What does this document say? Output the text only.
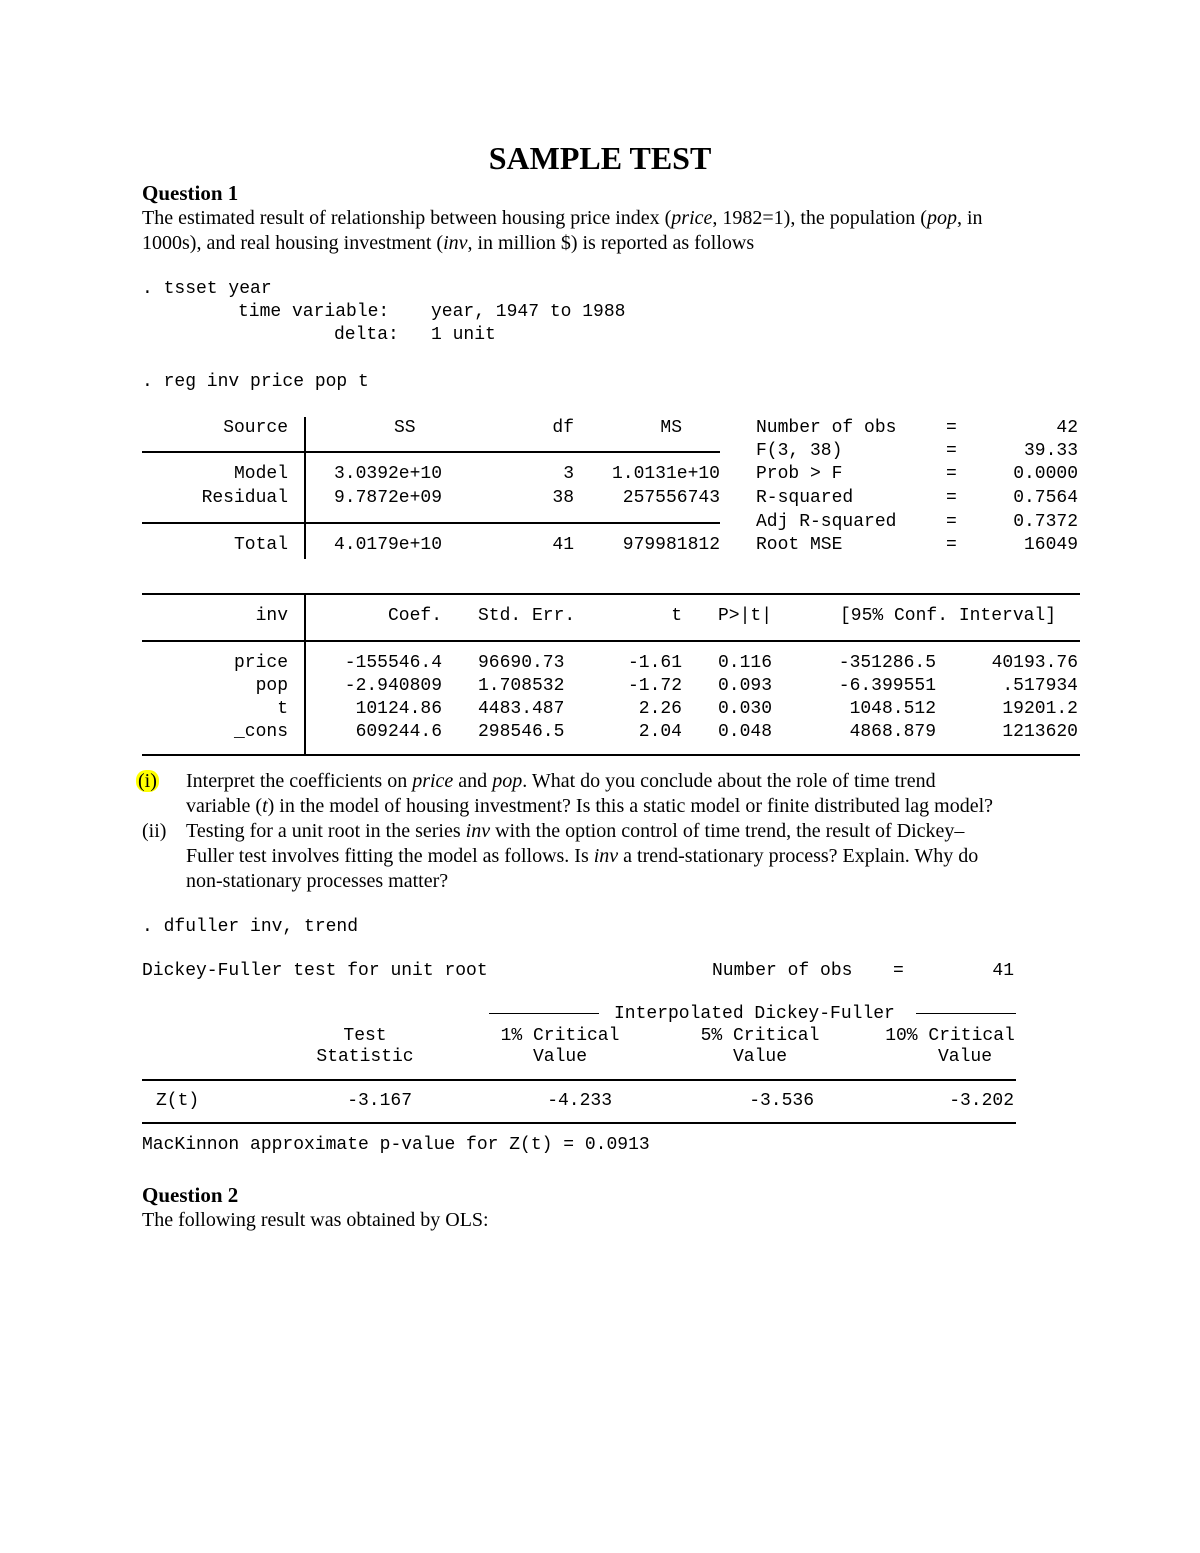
SAMPLE TEST
Question 1
The estimated result of relationship between housing price index (price, 1982=1), the population (pop, in
1000s), and real housing investment (inv, in million $) is reported as follows
. tsset year
time variable: year, 1947 to 1988
delta: 1 unit
. reg inv price pop t
Source	SS	df	MS
Model	3.0392e+10	3	1.0131e+10
Residual	9.7872e+09	38	257556743
Total	4.0179e+10	41	979981812
Number of obs	=	42
F(3, 38)	=	39.33
Prob > F	=	0.0000
R-squared	=	0.7564
Adj R-squared	=	0.7372
Root MSE	=	16049
inv	Coef. Std. Err.	t P>|t|	[95% Conf. Interval]
price	-155546.4 96690.73	-1.61 0.116	-351286.5	40193.76
pop	-2.940809 1.708532	-1.72 0.093	-6.399551	.517934
t	10124.86 4483.487	2.26 0.030	1048.512	19201.2
_cons	609244.6 298546.5	2.04 0.048	4868.879	1213620
(i) Interpret the coefficients on price and pop. What do you conclude about the role of time trend
variable (t) in the model of housing investment? Is this a static model or finite distributed lag model?
(ii) Testing for a unit root in the series inv with the option control of time trend, the result of Dickey–
Fuller test involves fitting the model as follows. Is inv a trend-stationary process? Explain. Why do
non-stationary processes matter?
. dfuller inv, trend
Dickey-Fuller test for unit root	Number of obs =	41
Interpolated Dickey-Fuller
Test
Statistic
1% Critical
Value
5% Critical
Value
10% Critical
Value
Z(t)	-3.167	-4.233	-3.536	-3.202
MacKinnon approximate p-value for Z(t) = 0.0913
Question 2
The following result was obtained by OLS:
